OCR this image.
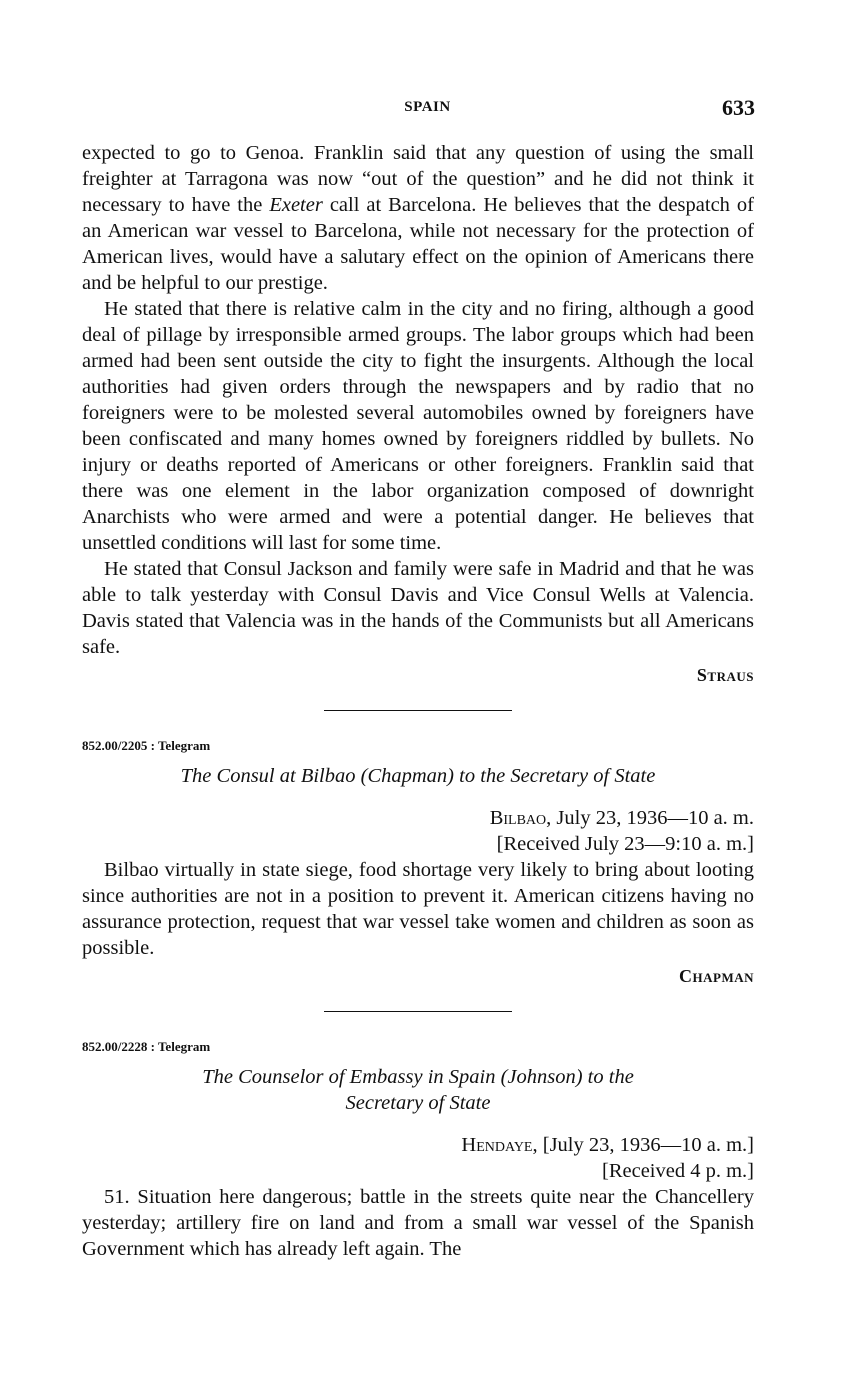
SPAIN	633

expected to go to Genoa. Franklin said that any question of using the small freighter at Tarragona was now “out of the question” and he did not think it necessary to have the Exeter call at Barcelona. He believes that the despatch of an American war vessel to Barcelona, while not necessary for the protection of American lives, would have a salutary effect on the opinion of Americans there and be helpful to our prestige.

He stated that there is relative calm in the city and no firing, although a good deal of pillage by irresponsible armed groups. The labor groups which had been armed had been sent outside the city to fight the insurgents. Although the local authorities had given orders through the newspapers and by radio that no foreigners were to be molested several automobiles owned by foreigners have been confiscated and many homes owned by foreigners riddled by bullets. No injury or deaths reported of Americans or other foreigners. Franklin said that there was one element in the labor organization composed of downright Anarchists who were armed and were a potential danger. He believes that unsettled conditions will last for some time.

He stated that Consul Jackson and family were safe in Madrid and that he was able to talk yesterday with Consul Davis and Vice Consul Wells at Valencia. Davis stated that Valencia was in the hands of the Communists but all Americans safe.

Straus
852.00/2205 : Telegram
The Consul at Bilbao (Chapman) to the Secretary of State
Bilbao, July 23, 1936—10 a. m.
[Received July 23—9:10 a. m.]

Bilbao virtually in state siege, food shortage very likely to bring about looting since authorities are not in a position to prevent it. American citizens having no assurance protection, request that war vessel take women and children as soon as possible.

Chapman
852.00/2228 : Telegram
The Counselor of Embassy in Spain (Johnson) to the
Secretary of State
Hendaye, [July 23, 1936—10 a. m.]
[Received 4 p. m.]

51. Situation here dangerous; battle in the streets quite near the Chancellery yesterday; artillery fire on land and from a small war vessel of the Spanish Government which has already left again. The
